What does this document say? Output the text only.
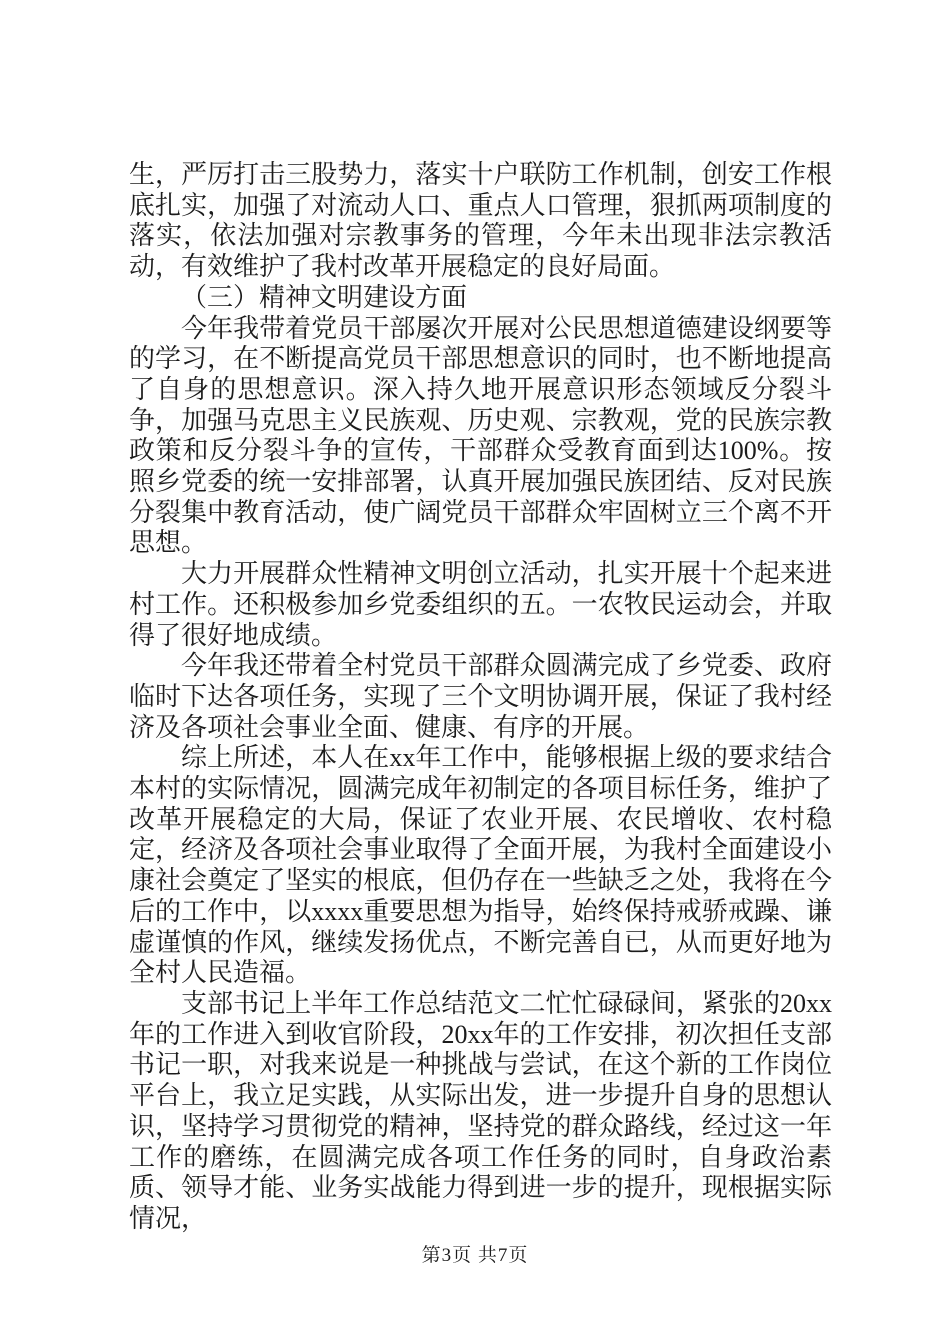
生，严厉打击三股势力，落实十户联防工作机制，创安工作根底扎实，加强了对流动人口、重点人口管理，狠抓两项制度的落实，依法加强对宗教事务的管理，今年未出现非法宗教活动，有效维护了我村改革开展稳定的良好局面。

（三）精神文明建设方面

今年我带着党员干部屡次开展对公民思想道德建设纲要等的学习，在不断提高党员干部思想意识的同时，也不断地提高了自身的思想意识。深入持久地开展意识形态领域反分裂斗争，加强马克思主义民族观、历史观、宗教观，党的民族宗教政策和反分裂斗争的宣传，干部群众受教育面到达100%。按照乡党委的统一安排部署，认真开展加强民族团结、反对民族分裂集中教育活动，使广阔党员干部群众牢固树立三个离不开思想。

大力开展群众性精神文明创立活动，扎实开展十个起来进村工作。还积极参加乡党委组织的五。一农牧民运动会，并取得了很好地成绩。

今年我还带着全村党员干部群众圆满完成了乡党委、政府临时下达各项任务，实现了三个文明协调开展，保证了我村经济及各项社会事业全面、健康、有序的开展。

综上所述，本人在xx年工作中，能够根据上级的要求结合本村的实际情况，圆满完成年初制定的各项目标任务，维护了改革开展稳定的大局，保证了农业开展、农民增收、农村稳定，经济及各项社会事业取得了全面开展，为我村全面建设小康社会奠定了坚实的根底，但仍存在一些缺乏之处，我将在今后的工作中，以xxxx重要思想为指导，始终保持戒骄戒躁、谦虚谨慎的作风，继续发扬优点，不断完善自已，从而更好地为全村人民造福。

支部书记上半年工作总结范文二忙忙碌碌间，紧张的20xx年的工作进入到收官阶段，20xx年的工作安排，初次担任支部书记一职，对我来说是一种挑战与尝试，在这个新的工作岗位平台上，我立足实践，从实际出发，进一步提升自身的思想认识，坚持学习贯彻党的精神，坚持党的群众路线，经过这一年工作的磨练，在圆满完成各项工作任务的同时，自身政治素质、领导才能、业务实战能力得到进一步的提升，现根据实际情况，

第3页 共7页
